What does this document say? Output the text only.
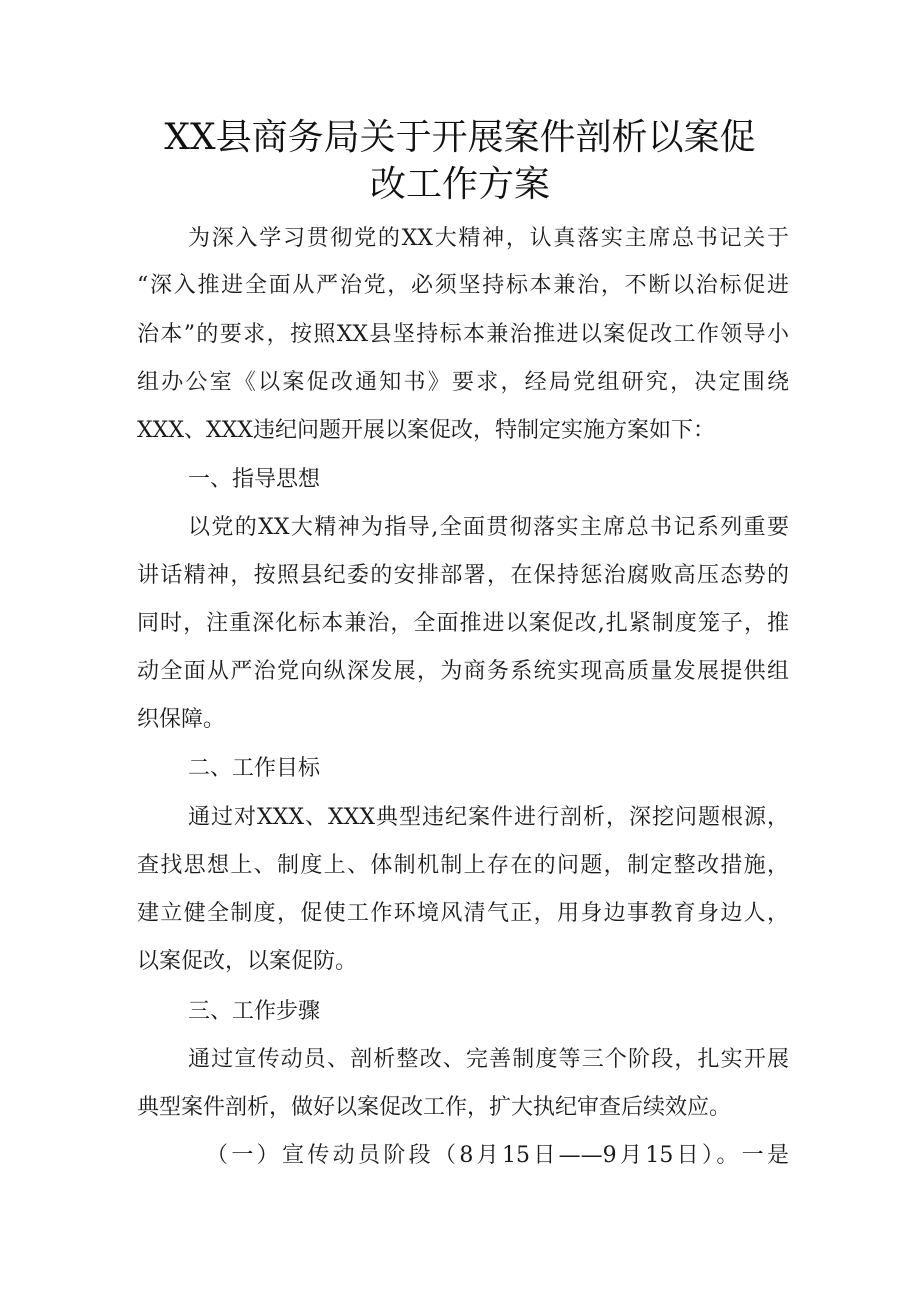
XX县商务局关于开展案件剖析以案促
改工作方案
为深入学习贯彻党的XX大精神，认真落实主席总书记关于
“深入推进全面从严治党，必须坚持标本兼治，不断以治标促进
治本”的要求，按照XX县坚持标本兼治推进以案促改工作领导小
组办公室《以案促改通知书》要求，经局党组研究，决定围绕
XXX、XXX违纪问题开展以案促改，特制定实施方案如下：
一、指导思想
以党的XX大精神为指导,全面贯彻落实主席总书记系列重要
讲话精神，按照县纪委的安排部署，在保持惩治腐败高压态势的
同时，注重深化标本兼治，全面推进以案促改,扎紧制度笼子，推
动全面从严治党向纵深发展，为商务系统实现高质量发展提供组
织保障。
二、工作目标
通过对XXX、XXX典型违纪案件进行剖析，深挖问题根源，
查找思想上、制度上、体制机制上存在的问题，制定整改措施，
建立健全制度，促使工作环境风清气正，用身边事教育身边人，
以案促改，以案促防。
三、工作步骤
通过宣传动员、剖析整改、完善制度等三个阶段，扎实开展
典型案件剖析，做好以案促改工作，扩大执纪审查后续效应。
（一）宣传动员阶段（8月15日——9月15日）。一是
